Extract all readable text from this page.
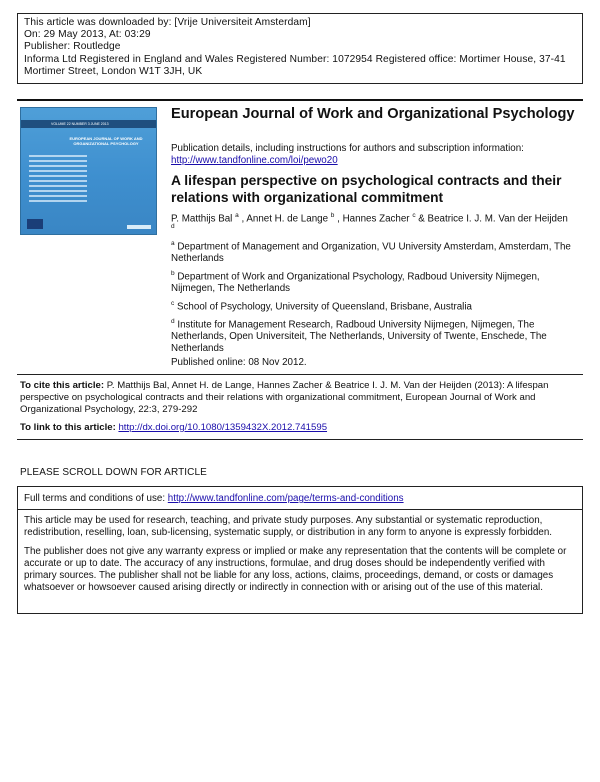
This article was downloaded by: [Vrije Universiteit Amsterdam]
On: 29 May 2013, At: 03:29
Publisher: Routledge
Informa Ltd Registered in England and Wales Registered Number: 1072954 Registered office: Mortimer House, 37-41 Mortimer Street, London W1T 3JH, UK
VOLUME 22 NUMBER 3 JUNE 2013
EUROPEAN JOURNAL OF WORK AND ORGANIZATIONAL PSYCHOLOGY
European Journal of Work and Organizational Psychology
Publication details, including instructions for authors and subscription information:
http://www.tandfonline.com/loi/pewo20
A lifespan perspective on psychological contracts and their relations with organizational commitment
P. Matthijs Bal $^a$ , Annet H. de Lange $^b$ , Hannes Zacher $^c$ & Beatrice I. J. M. Van der Heijden
d
$^a$ Department of Management and Organization, VU University Amsterdam, Amsterdam, The Netherlands
$^b$ Department of Work and Organizational Psychology, Radboud University Nijmegen, Nijmegen, The Netherlands
$^c$ School of Psychology, University of Queensland, Brisbane, Australia
$^d$ Institute for Management Research, Radboud University Nijmegen, Nijmegen, The Netherlands, Open Universiteit, The Netherlands, University of Twente, Enschede, The Netherlands
Published online: 08 Nov 2012.
To cite this article: P. Matthijs Bal, Annet H. de Lange, Hannes Zacher & Beatrice I. J. M. Van der Heijden (2013): A lifespan perspective on psychological contracts and their relations with organizational commitment, European Journal of Work and Organizational Psychology, 22:3, 279-292
To link to this article: http://dx.doi.org/10.1080/1359432X.2012.741595
PLEASE SCROLL DOWN FOR ARTICLE
Full terms and conditions of use: http://www.tandfonline.com/page/terms-and-conditions

This article may be used for research, teaching, and private study purposes. Any substantial or systematic reproduction, redistribution, reselling, loan, sub-licensing, systematic supply, or distribution in any form to anyone is expressly forbidden.

The publisher does not give any warranty express or implied or make any representation that the contents will be complete or accurate or up to date. The accuracy of any instructions, formulae, and drug doses should be independently verified with primary sources. The publisher shall not be liable for any loss, actions, claims, proceedings, demand, or costs or damages whatsoever or howsoever caused arising directly or indirectly in connection with or arising out of the use of this material.
